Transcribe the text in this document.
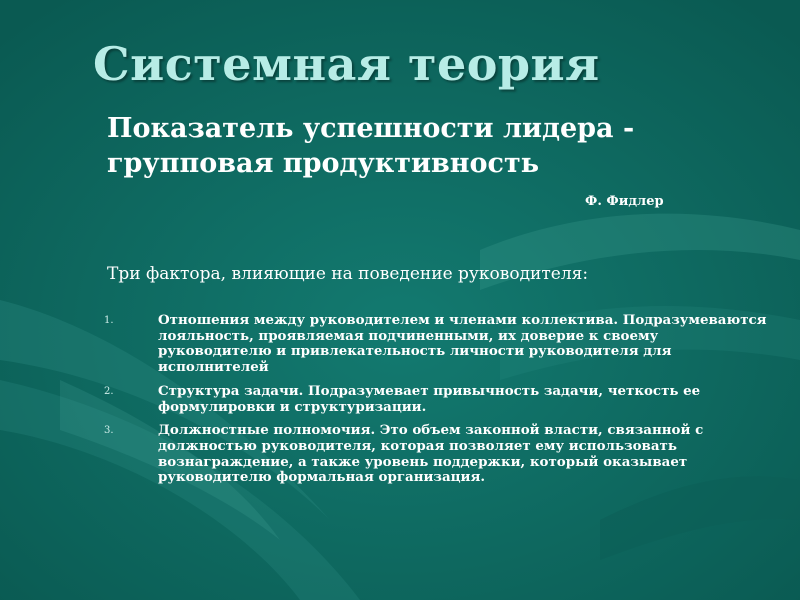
Системная теория
Показатель успешности лидера - групповая продуктивность
Ф. Фидлер
Три фактора, влияющие на поведение руководителя:
1.	Отношения между руководителем и членами коллектива. Подразумеваются лояльность, проявляемая подчиненными, их доверие к своему руководителю и привлекательность личности руководителя для исполнителей
2.	Структура задачи. Подразумевает привычность задачи, четкость ее формулировки и структуризации.
3.	Должностные полномочия. Это объем законной власти, связанной с должностью руководителя, которая позволяет ему использовать вознаграждение, а также уровень поддержки, который оказывает руководителю формальная организация.
